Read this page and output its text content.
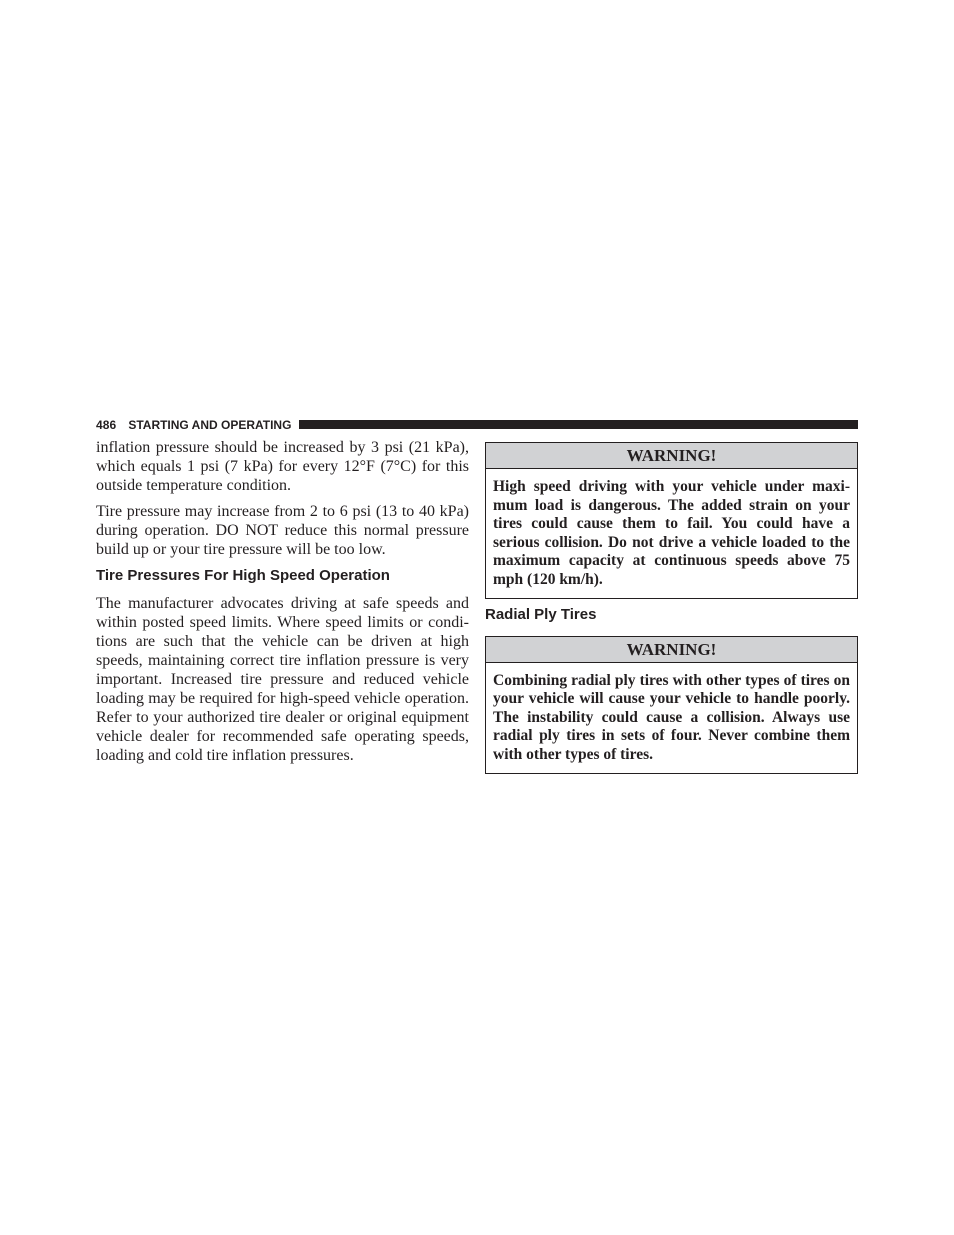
486 STARTING AND OPERATING

inflation pressure should be increased by 3 psi (21 kPa), which equals 1 psi (7 kPa) for every 12°F (7°C) for this outside temperature condition.

Tire pressure may increase from 2 to 6 psi (13 to 40 kPa) during operation. DO NOT reduce this normal pressure build up or your tire pressure will be too low.

Tire Pressures For High Speed Operation

The manufacturer advocates driving at safe speeds and within posted speed limits. Where speed limits or conditions are such that the vehicle can be driven at high speeds, maintaining correct tire inflation pressure is very important. Increased tire pressure and reduced vehicle loading may be required for high-speed vehicle operation. Refer to your authorized tire dealer or original equipment vehicle dealer for recommended safe operating speeds, loading and cold tire inflation pressures.

WARNING!
High speed driving with your vehicle under maximum load is dangerous. The added strain on your tires could cause them to fail. You could have a serious collision. Do not drive a vehicle loaded to the maximum capacity at continuous speeds above 75 mph (120 km/h).
Radial Ply Tires
WARNING!
Combining radial ply tires with other types of tires on your vehicle will cause your vehicle to handle poorly. The instability could cause a collision. Always use radial ply tires in sets of four. Never combine them with other types of tires.
